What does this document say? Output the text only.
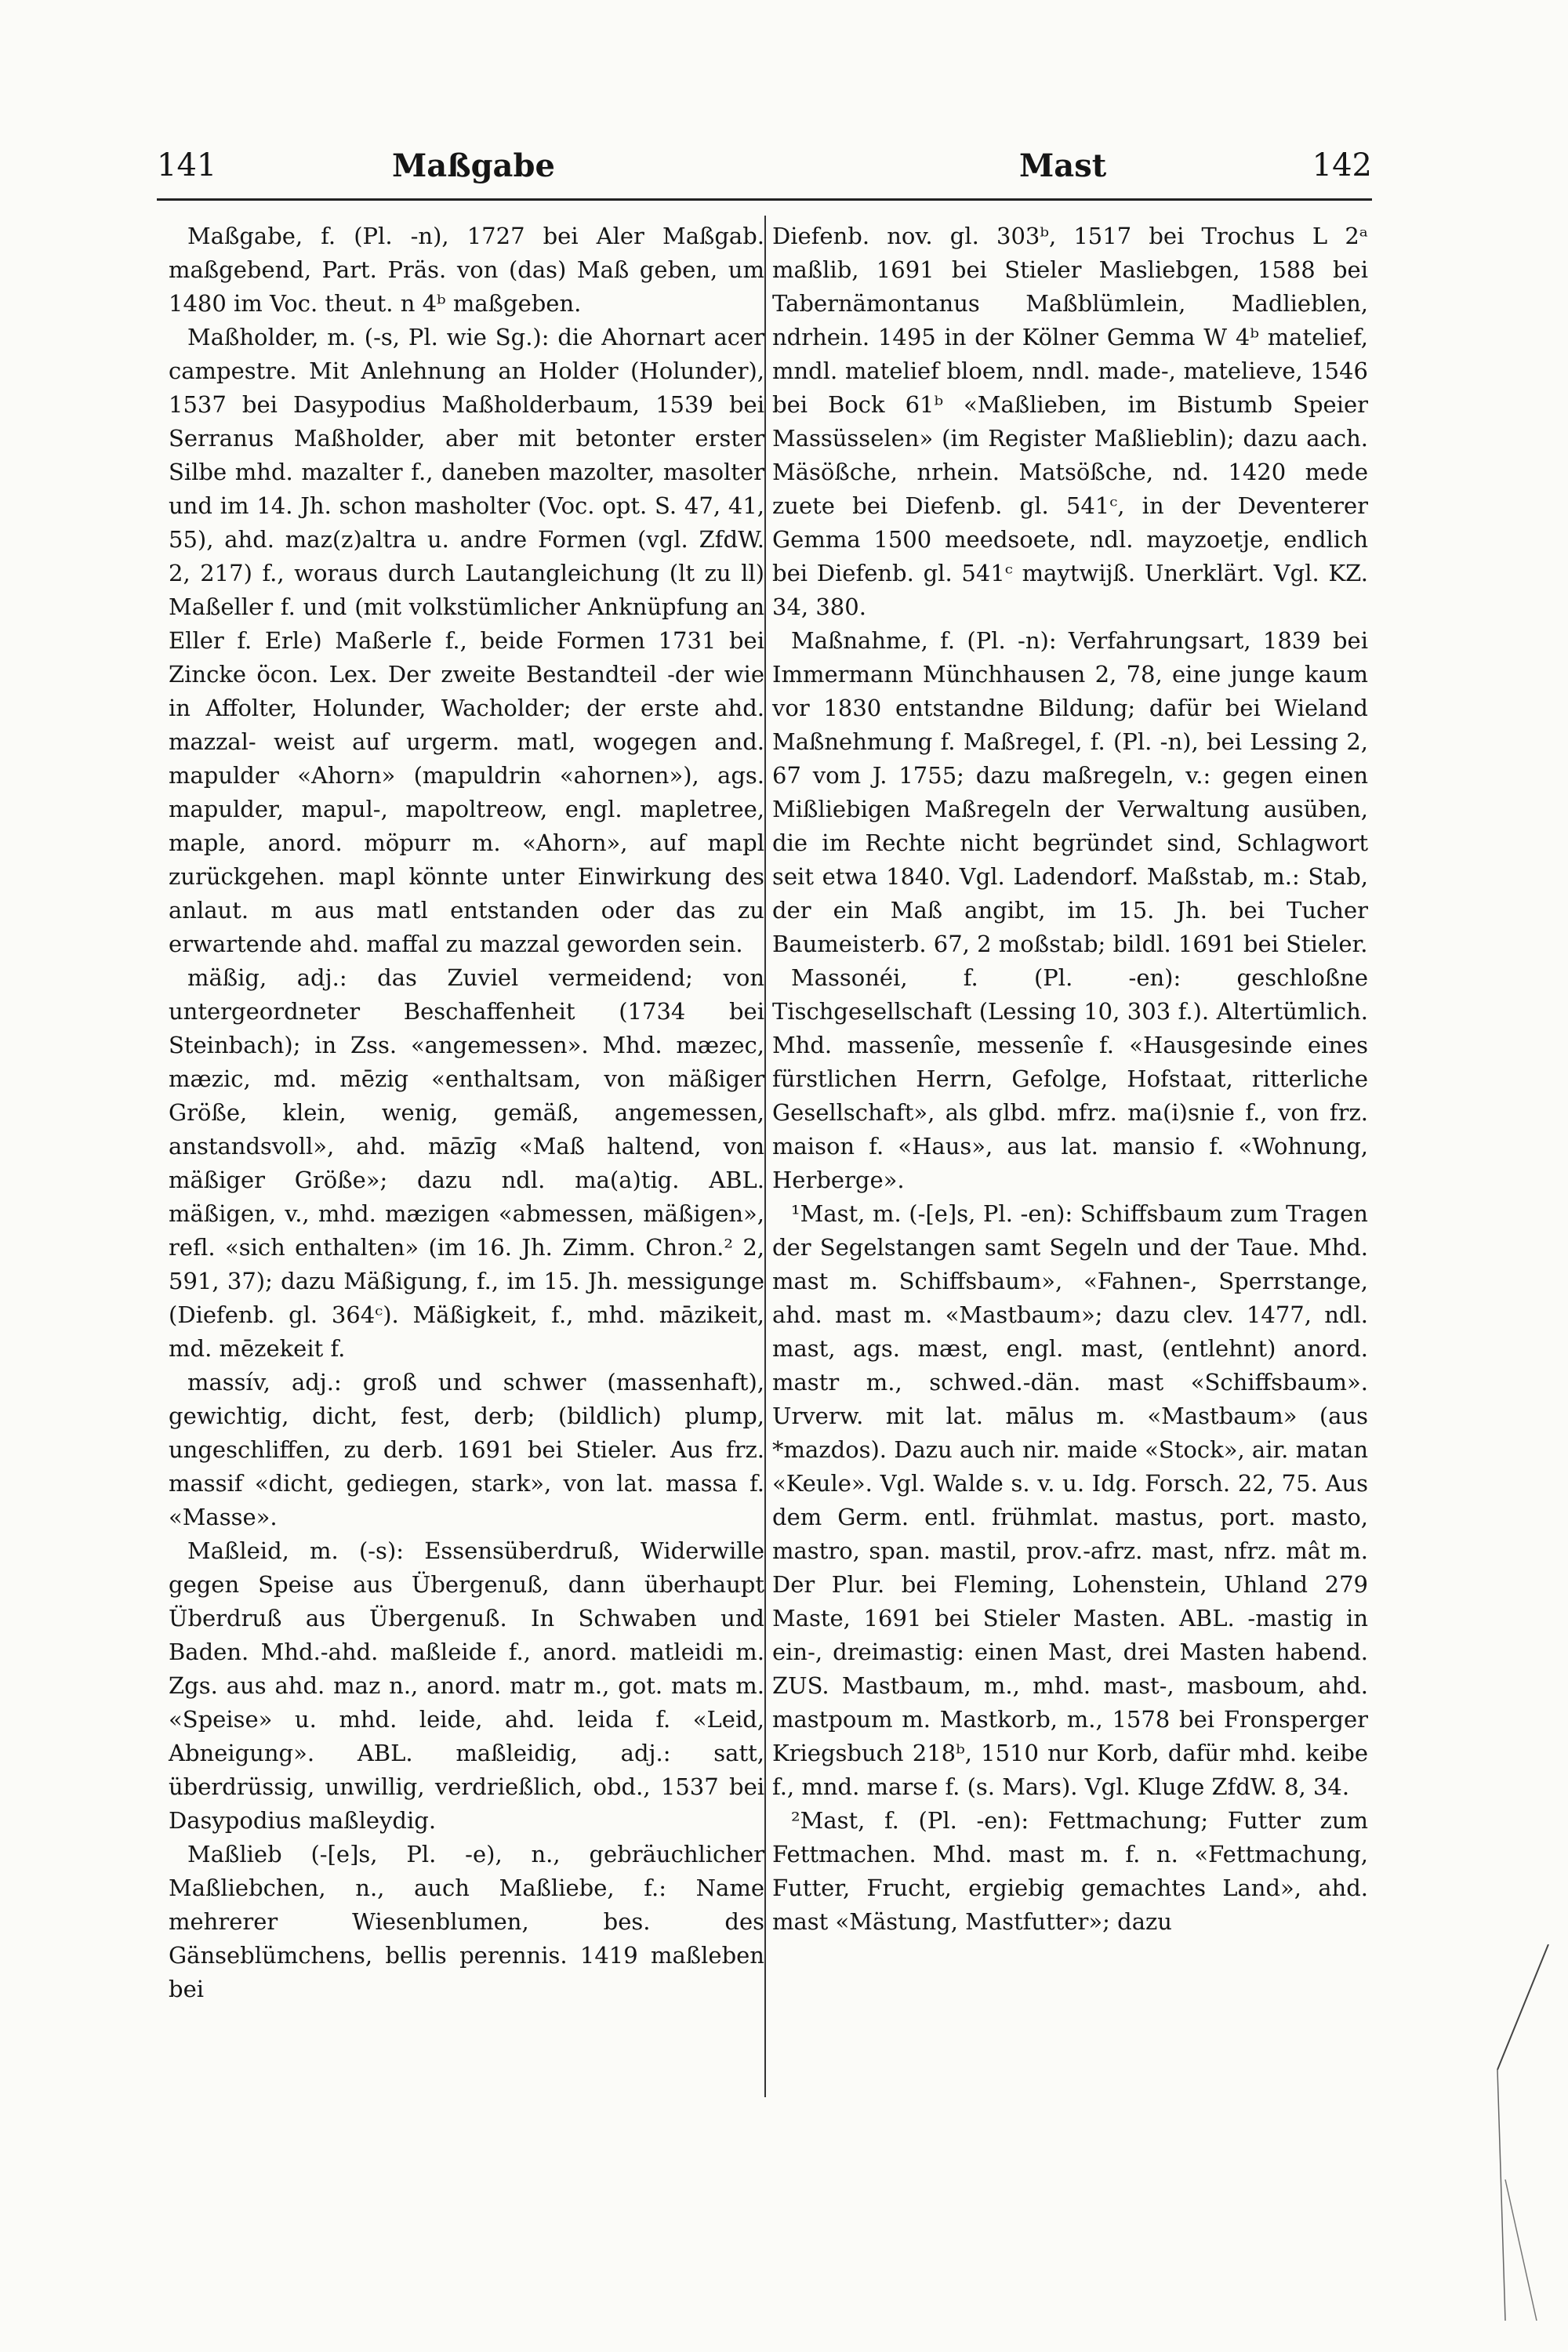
141	Maßgabe	Mast	142

Maßgabe, f. (Pl. -n), 1727 bei Aler Maßgab. maßgebend, Part. Präs. von (das) Maß geben, um 1480 im Voc. theut. n 4ᵇ maßgeben.

Maßholder, m. (-s, Pl. wie Sg.): die Ahornart acer campestre. Mit Anlehnung an Holder (Holunder), 1537 bei Dasypodius Maßholderbaum, 1539 bei Serranus Maßholder, aber mit betonter erster Silbe mhd. mazalter f., daneben mazolter, masolter und im 14. Jh. schon masholter (Voc. opt. S. 47, 41, 55), ahd. maz(z)altra u. andre Formen (vgl. ZfdW. 2, 217) f., woraus durch Lautangleichung (lt zu ll) Maßeller f. und (mit volkstümlicher Anknüpfung an Eller f. Erle) Maßerle f., beide Formen 1731 bei Zincke öcon. Lex. Der zweite Bestandteil -der wie in Affolter, Holunder, Wacholder; der erste ahd. mazzal- weist auf urgerm. matl, wogegen and. mapulder «Ahorn» (mapuldrin «ahornen»), ags. mapulder, mapul-, mapoltreow, engl. mapletree, maple, anord. möpurr m. «Ahorn», auf mapl zurückgehen. mapl könnte unter Einwirkung des anlaut. m aus matl entstanden oder das zu erwartende ahd. maffal zu mazzal geworden sein.

mäßig, adj.: das Zuviel vermeidend; von untergeordneter Beschaffenheit (1734 bei Steinbach); in Zss. «angemessen». Mhd. mæzec, mæzic, md. mēzig «enthaltsam, von mäßiger Größe, klein, wenig, gemäß, angemessen, anstandsvoll», ahd. māzīg «Maß haltend, von mäßiger Größe»; dazu ndl. ma(a)tig. ABL. mäßigen, v., mhd. mæzigen «abmessen, mäßigen», refl. «sich enthalten» (im 16. Jh. Zimm. Chron.² 2, 591, 37); dazu Mäßigung, f., im 15. Jh. messigunge (Diefenb. gl. 364ᶜ). Mäßigkeit, f., mhd. māzikeit, md. mēzekeit f.

massív, adj.: groß und schwer (massenhaft), gewichtig, dicht, fest, derb; (bildlich) plump, ungeschliffen, zu derb. 1691 bei Stieler. Aus frz. massif «dicht, gediegen, stark», von lat. massa f. «Masse».

Maßleid, m. (-s): Essensüberdruß, Widerwille gegen Speise aus Übergenuß, dann überhaupt Überdruß aus Übergenuß. In Schwaben und Baden. Mhd.-ahd. maßleide f., anord. matleidi m. Zgs. aus ahd. maz n., anord. matr m., got. mats m. «Speise» u. mhd. leide, ahd. leida f. «Leid, Abneigung». ABL. maßleidig, adj.: satt, überdrüssig, unwillig, verdrießlich, obd., 1537 bei Dasypodius maßleydig.

Maßlieb (-[e]s, Pl. -e), n., gebräuchlicher Maßliebchen, n., auch Maßliebe, f.: Name mehrerer Wiesenblumen, bes. des Gänseblümchens, bellis perennis. 1419 maßleben bei

Diefenb. nov. gl. 303ᵇ, 1517 bei Trochus L 2ᵃ maßlib, 1691 bei Stieler Masliebgen, 1588 bei Tabernämontanus Maßblümlein, Madlieblen, ndrhein. 1495 in der Kölner Gemma W 4ᵇ matelief, mndl. matelief bloem, nndl. made-, matelieve, 1546 bei Bock 61ᵇ «Maßlieben, im Bistumb Speier Massüsselen» (im Register Maßlieblin); dazu aach. Mäsößche, nrhein. Matsößche, nd. 1420 mede zuete bei Diefenb. gl. 541ᶜ, in der Deventerer Gemma 1500 meedsoete, ndl. mayzoetje, endlich bei Diefenb. gl. 541ᶜ maytwijß. Unerklärt. Vgl. KZ. 34, 380.

Maßnahme, f. (Pl. -n): Verfahrungsart, 1839 bei Immermann Münchhausen 2, 78, eine junge kaum vor 1830 entstandne Bildung; dafür bei Wieland Maßnehmung f. Maßregel, f. (Pl. -n), bei Lessing 2, 67 vom J. 1755; dazu maßregeln, v.: gegen einen Mißliebigen Maßregeln der Verwaltung ausüben, die im Rechte nicht begründet sind, Schlagwort seit etwa 1840. Vgl. Ladendorf. Maßstab, m.: Stab, der ein Maß angibt, im 15. Jh. bei Tucher Baumeisterb. 67, 2 moßstab; bildl. 1691 bei Stieler.

Massonéi, f. (Pl. -en): geschloßne Tischgesellschaft (Lessing 10, 303 f.). Altertümlich. Mhd. massenîe, messenîe f. «Hausgesinde eines fürstlichen Herrn, Gefolge, Hofstaat, ritterliche Gesellschaft», als glbd. mfrz. ma(i)snie f., von frz. maison f. «Haus», aus lat. mansio f. «Wohnung, Herberge».

¹Mast, m. (-[e]s, Pl. -en): Schiffsbaum zum Tragen der Segelstangen samt Segeln und der Taue. Mhd. mast m. Schiffsbaum», «Fahnen-, Sperrstange, ahd. mast m. «Mastbaum»; dazu clev. 1477, ndl. mast, ags. mæst, engl. mast, (entlehnt) anord. mastr m., schwed.-dän. mast «Schiffsbaum». Urverw. mit lat. mālus m. «Mastbaum» (aus *mazdos). Dazu auch nir. maide «Stock», air. matan «Keule». Vgl. Walde s. v. u. Idg. Forsch. 22, 75. Aus dem Germ. entl. frühmlat. mastus, port. masto, mastro, span. mastil, prov.-afrz. mast, nfrz. mât m. Der Plur. bei Fleming, Lohenstein, Uhland 279 Maste, 1691 bei Stieler Masten. ABL. -mastig in ein-, dreimastig: einen Mast, drei Masten habend. ZUS. Mastbaum, m., mhd. mast-, masboum, ahd. mastpoum m. Mastkorb, m., 1578 bei Fronsperger Kriegsbuch 218ᵇ, 1510 nur Korb, dafür mhd. keibe f., mnd. marse f. (s. Mars). Vgl. Kluge ZfdW. 8, 34.

²Mast, f. (Pl. -en): Fettmachung; Futter zum Fettmachen. Mhd. mast m. f. n. «Fettmachung, Futter, Frucht, ergiebig gemachtes Land», ahd. mast «Mästung, Mastfutter»; dazu
